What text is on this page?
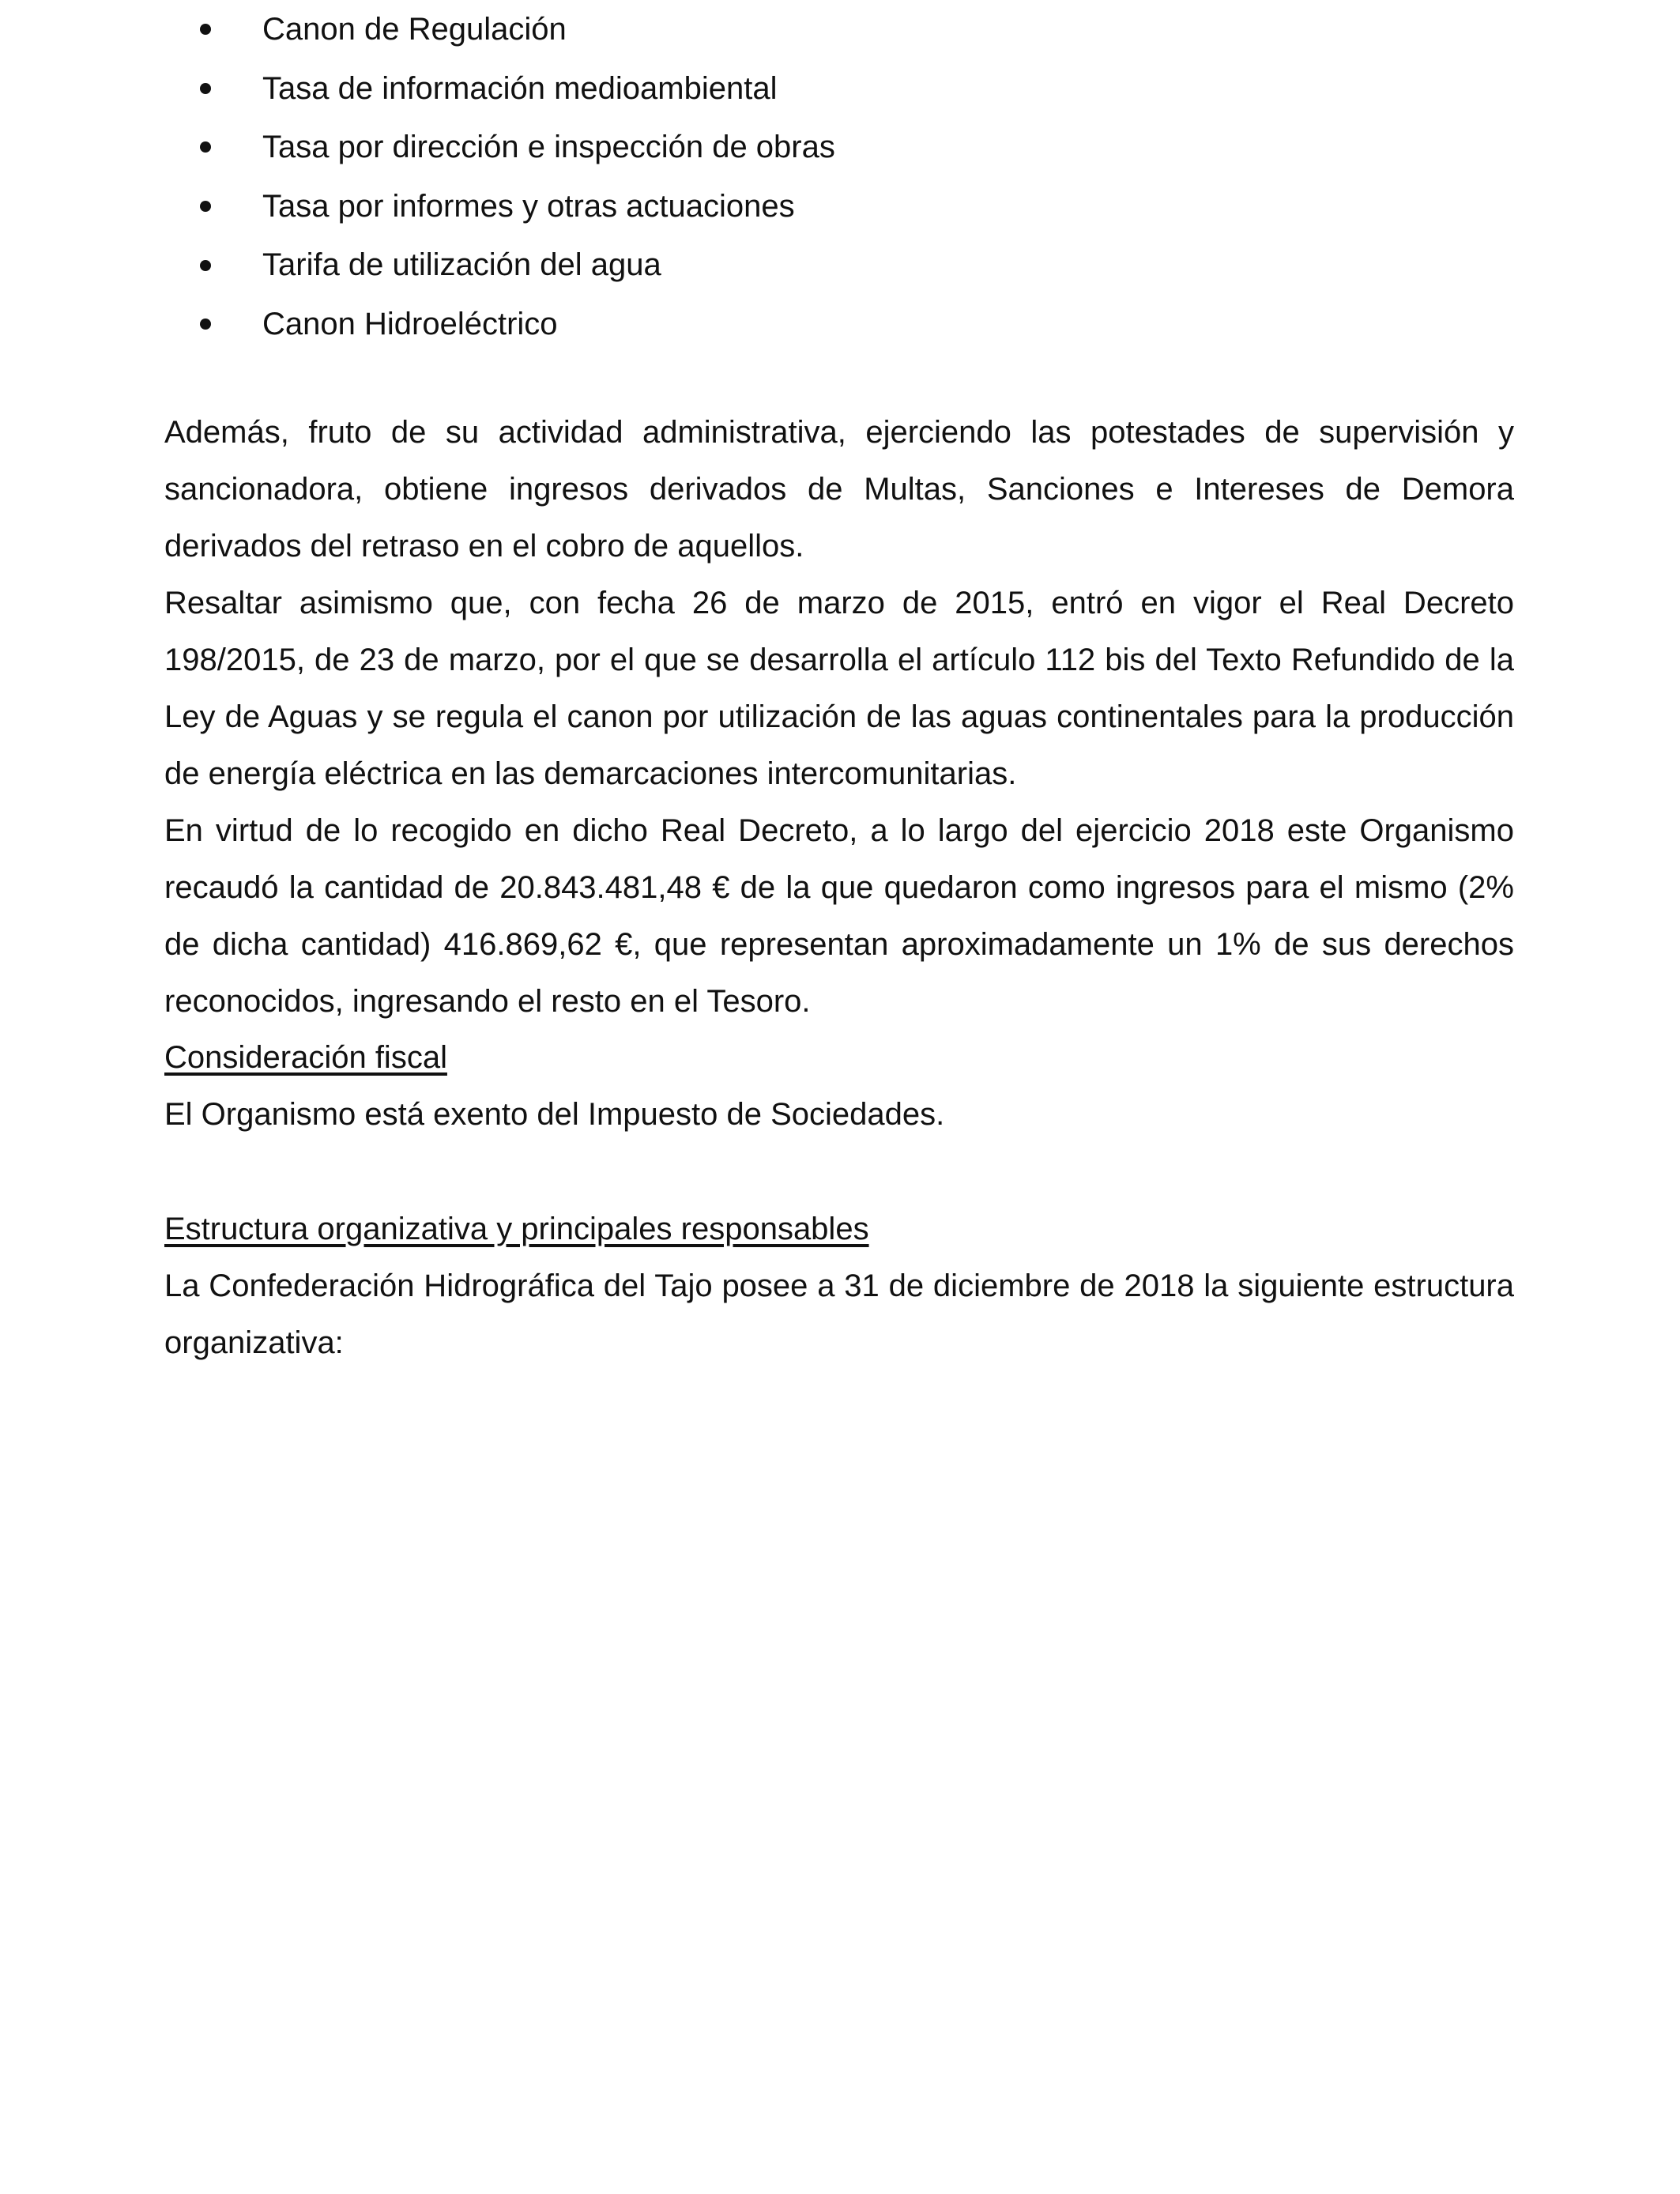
Canon de Regulación
Tasa de información medioambiental
Tasa por dirección e inspección de obras
Tasa por informes y otras actuaciones
Tarifa de utilización del agua
Canon Hidroeléctrico

Además, fruto de su actividad administrativa, ejerciendo las potestades de supervisión y sancionadora, obtiene ingresos derivados de Multas, Sanciones e Intereses de Demora derivados del retraso en el cobro de aquellos.

Resaltar asimismo que, con fecha 26 de marzo de 2015, entró en vigor el Real Decreto 198/2015, de 23 de marzo, por el que se desarrolla el artículo 112 bis del Texto Refundido de la Ley de Aguas y se regula el canon por utilización de las aguas continentales para la producción de energía eléctrica en las demarcaciones intercomunitarias.

En virtud de lo recogido en dicho Real Decreto, a lo largo del ejercicio 2018 este Organismo recaudó la cantidad de 20.843.481,48 € de la que quedaron como ingresos para el mismo (2% de dicha cantidad) 416.869,62 €, que representan aproximadamente un 1% de sus derechos reconocidos, ingresando el resto en el Tesoro.

Consideración fiscal

El Organismo está exento del Impuesto de Sociedades.

Estructura organizativa y principales responsables

La Confederación Hidrográfica del Tajo posee a 31 de diciembre de 2018 la siguiente estructura organizativa:
